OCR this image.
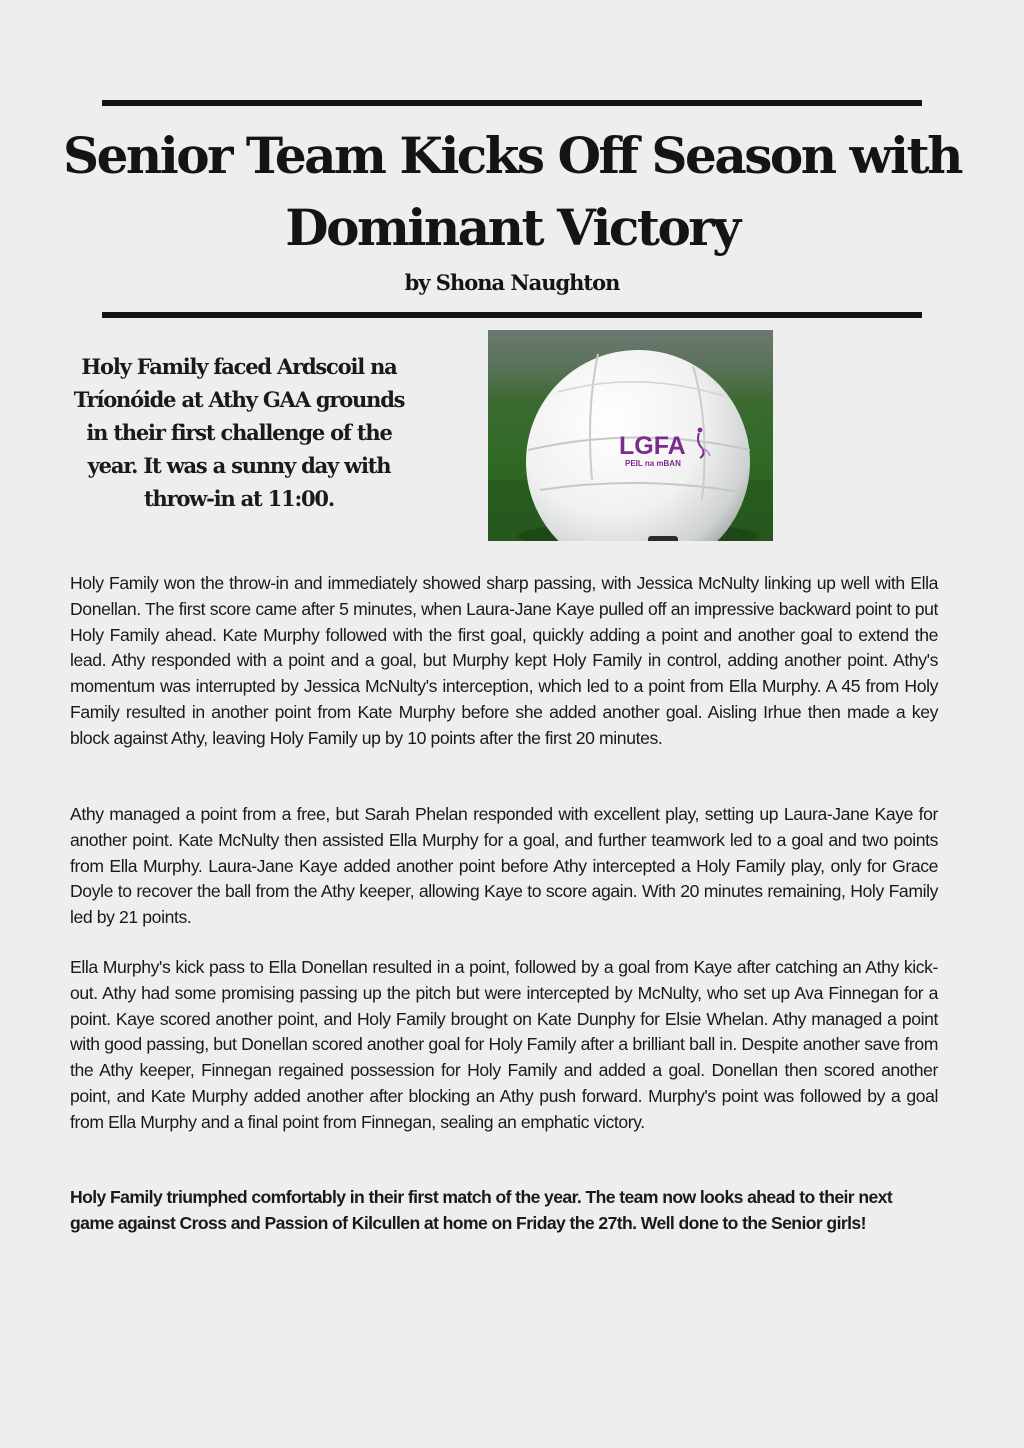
Senior Team Kicks Off Season with Dominant Victory
by Shona Naughton

Holy Family faced Ardscoil na Tríonóide at Athy GAA grounds in their first challenge of the year. It was a sunny day with throw-in at 11:00.

LGFA
PEIL na mBAN

Holy Family won the throw-in and immediately showed sharp passing, with Jessica McNulty linking up well with Ella Donellan. The first score came after 5 minutes, when Laura-Jane Kaye pulled off an impressive backward point to put Holy Family ahead. Kate Murphy followed with the first goal, quickly adding a point and another goal to extend the lead. Athy responded with a point and a goal, but Murphy kept Holy Family in control, adding another point. Athy's momentum was interrupted by Jessica McNulty's interception, which led to a point from Ella Murphy. A 45 from Holy Family resulted in another point from Kate Murphy before she added another goal. Aisling Irhue then made a key block against Athy, leaving Holy Family up by 10 points after the first 20 minutes.

Athy managed a point from a free, but Sarah Phelan responded with excellent play, setting up Laura-Jane Kaye for another point. Kate McNulty then assisted Ella Murphy for a goal, and further teamwork led to a goal and two points from Ella Murphy. Laura-Jane Kaye added another point before Athy intercepted a Holy Family play, only for Grace Doyle to recover the ball from the Athy keeper, allowing Kaye to score again. With 20 minutes remaining, Holy Family led by 21 points.

Ella Murphy's kick pass to Ella Donellan resulted in a point, followed by a goal from Kaye after catching an Athy kick-out. Athy had some promising passing up the pitch but were intercepted by McNulty, who set up Ava Finnegan for a point. Kaye scored another point, and Holy Family brought on Kate Dunphy for Elsie Whelan. Athy managed a point with good passing, but Donellan scored another goal for Holy Family after a brilliant ball in. Despite another save from the Athy keeper, Finnegan regained possession for Holy Family and added a goal. Donellan then scored another point, and Kate Murphy added another after blocking an Athy push forward. Murphy's point was followed by a goal from Ella Murphy and a final point from Finnegan, sealing an emphatic victory.

Holy Family triumphed comfortably in their first match of the year. The team now looks ahead to their next game against Cross and Passion of Kilcullen at home on Friday the 27th. Well done to the Senior girls!
